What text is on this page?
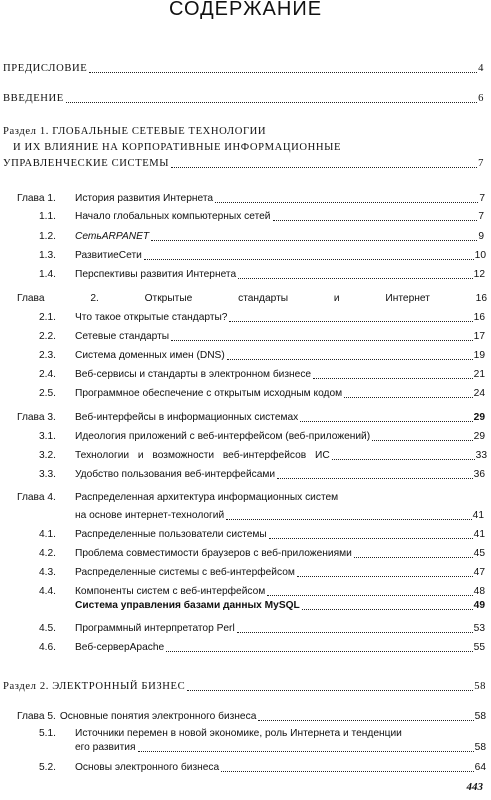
СОДЕРЖАНИЕ
ПРЕДИСЛОВИЕ	4
ВВЕДЕНИЕ	6
Раздел 1. ГЛОБАЛЬНЫЕ СЕТЕВЫЕ ТЕХНОЛОГИИ
И ИХ ВЛИЯНИЕ НА КОРПОРАТИВНЫЕ ИНФОРМАЦИОННЫЕ
УПРАВЛЕНЧЕСКИЕ СИСТЕМЫ	7
Глава 1.	История развития Интернета	7
1.1.	Начало глобальных компьютерных сетей	7
1.2.	СетьARPANET	9
1.3.	РазвитиеСети	10
1.4.	Перспективы развития Интернета	12
Глава	2.	Открытые	стандарты	и	Интернет	16
2.1.	Что такое открытые стандарты?	16
2.2.	Сетевые стандарты	17
2.3.	Система доменных имен (DNS)	19
2.4.	Веб-сервисы и стандарты в электронном бизнесе	21
2.5.	Программное обеспечение с открытым исходным кодом	24
Глава 3.	Веб-интерфейсы в информационных системах	29
3.1.	Идеология приложений с веб-интерфейсом (веб-приложений)	29
3.2.	Технологии и возможности веб-интерфейсов ИС	33
3.3.	Удобство пользования веб-интерфейсами	36
Глава 4. Распределенная архитектура информационных систем
на основе интернет-технологий	41
4.1.	Распределенные пользователи системы	41
4.2.	Проблема совместимости браузеров с веб-приложениями	45
4.3.	Распределенные системы с веб-интерфейсом	47
4.4.	Компоненты систем с веб-интерфейсом	48
Система управления базами данных MySQL	49
4.5.	Программный интерпретатор Perl	53
4.6.	Веб-серверApache	55
Раздел 2. ЭЛЕКТРОННЫЙ БИЗНЕС	58
Глава 5. Основные понятия электронного бизнеса	58
5.1. Источники перемен в новой экономике, роль Интернета и тенденции
его развития	58
5.2.	Основы электронного бизнеса	64
443
